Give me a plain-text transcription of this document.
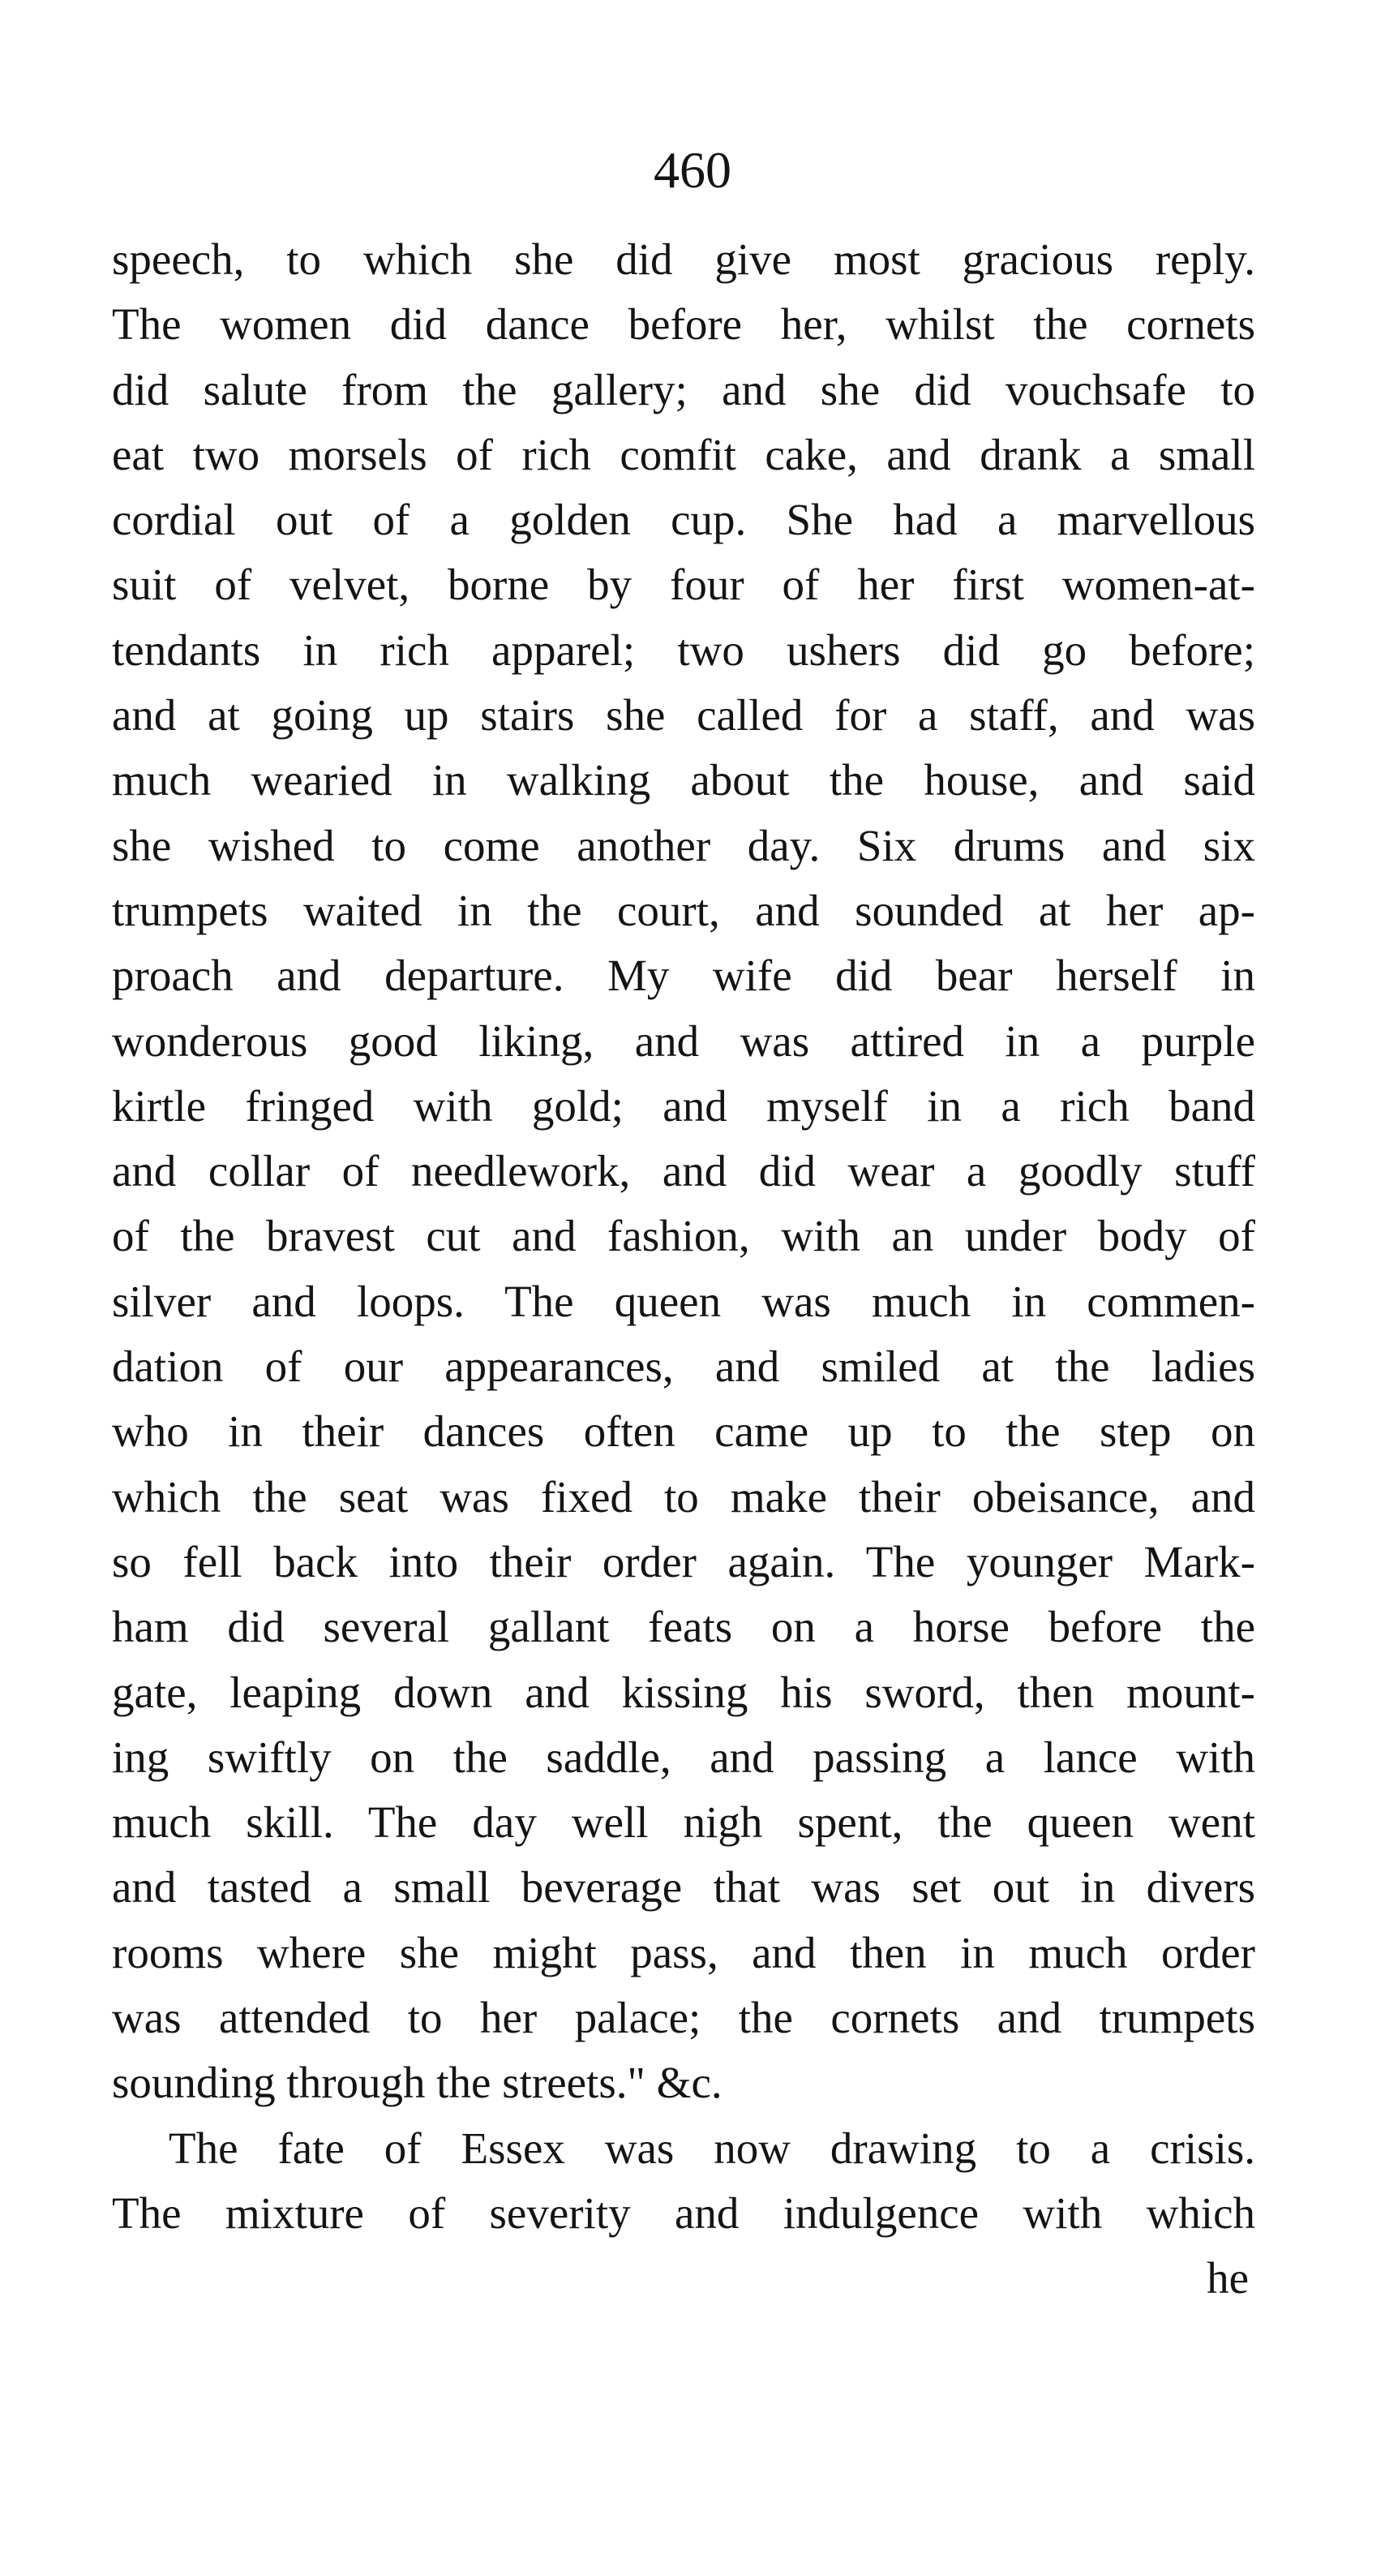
460
speech, to which she did give most gracious reply.
The women did dance before her, whilst the cornets
did salute from the gallery; and she did vouchsafe to
eat two morsels of rich comfit cake, and drank a small
cordial out of a golden cup. She had a marvellous
suit of velvet, borne by four of her first women-at-
tendants in rich apparel; two ushers did go before;
and at going up stairs she called for a staff, and was
much wearied in walking about the house, and said
she wished to come another day. Six drums and six
trumpets waited in the court, and sounded at her ap-
proach and departure. My wife did bear herself in
wonderous good liking, and was attired in a purple
kirtle fringed with gold; and myself in a rich band
and collar of needlework, and did wear a goodly stuff
of the bravest cut and fashion, with an under body of
silver and loops. The queen was much in commen-
dation of our appearances, and smiled at the ladies
who in their dances often came up to the step on
which the seat was fixed to make their obeisance, and
so fell back into their order again. The younger Mark-
ham did several gallant feats on a horse before the
gate, leaping down and kissing his sword, then mount-
ing swiftly on the saddle, and passing a lance with
much skill. The day well nigh spent, the queen went
and tasted a small beverage that was set out in divers
rooms where she might pass, and then in much order
was attended to her palace; the cornets and trumpets
sounding through the streets." &c.
The fate of Essex was now drawing to a crisis.
The mixture of severity and indulgence with which
he
